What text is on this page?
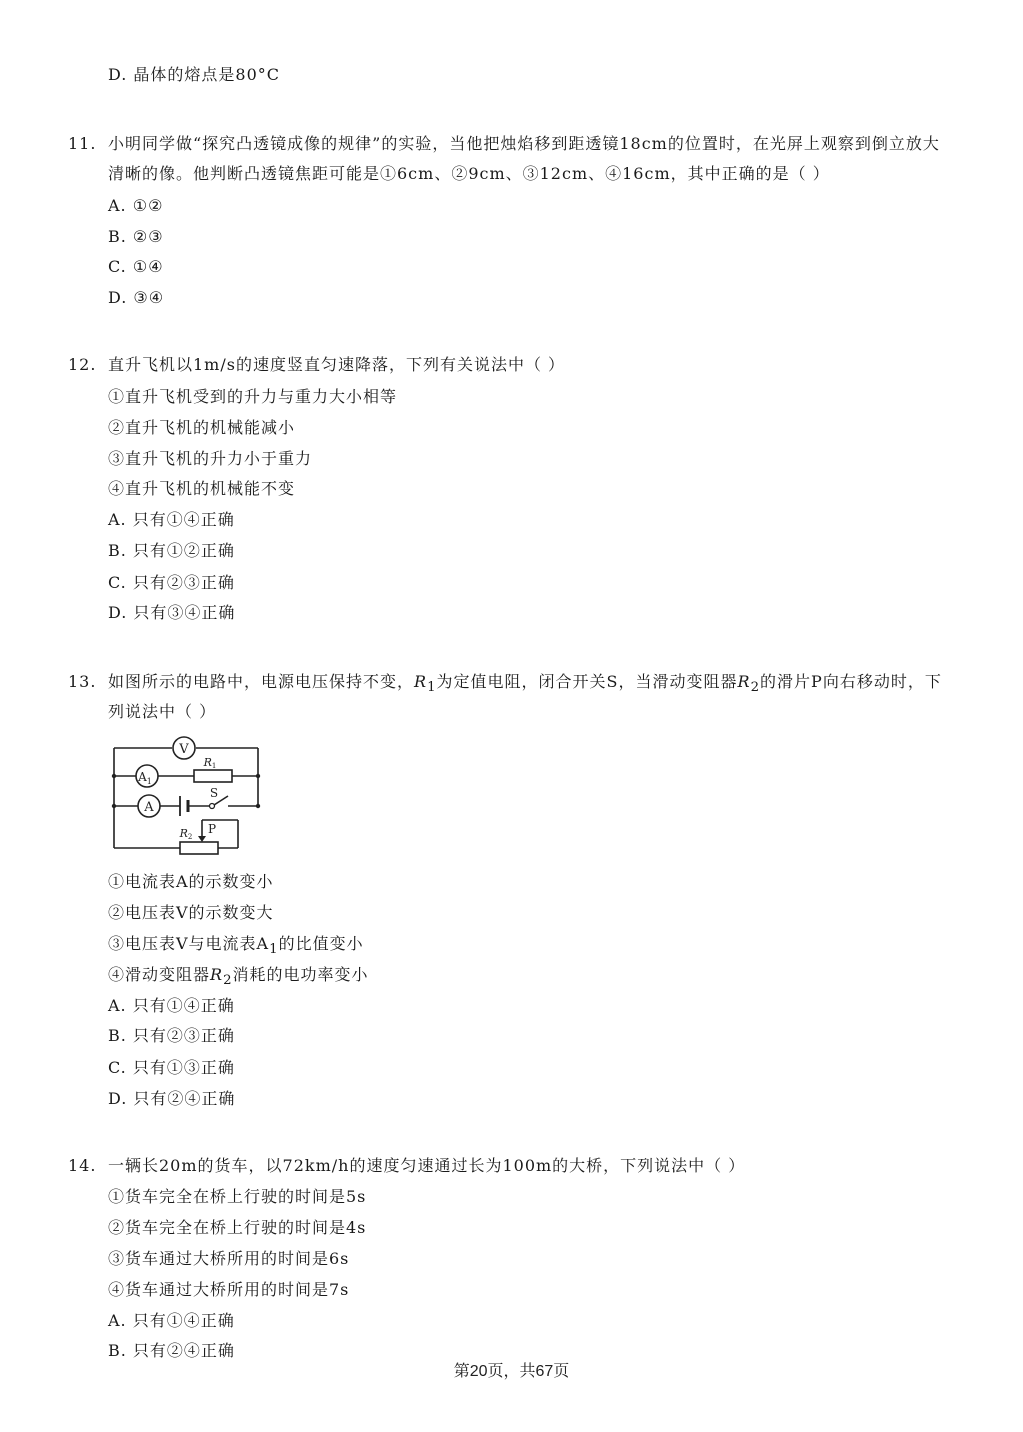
D. 晶体的熔点是80°C
11. 小明同学做“探究凸透镜成像的规律”的实验，当他把烛焰移到距透镜18cm的位置时，在光屏上观察到倒立放大
清晰的像。他判断凸透镜焦距可能是①6cm、②9cm、③12cm、④16cm，其中正确的是（ ）
A. ①②
B. ②③
C. ①④
D. ③④
12. 直升飞机以1m/s的速度竖直匀速降落，下列有关说法中（ ）
①直升飞机受到的升力与重力大小相等
②直升飞机的机械能减小
③直升飞机的升力小于重力
④直升飞机的机械能不变
A. 只有①④正确
B. 只有①②正确
C. 只有②③正确
D. 只有③④正确
13. 如图所示的电路中，电源电压保持不变，$R_1$为定值电阻，闭合开关S，当滑动变阻器$R_2$的滑片P向右移动时，下
列说法中（ ）
V
$A_1$
R1
A
S
R2
P
①电流表A的示数变小
②电压表V的示数变大
③电压表V与电流表$A_1$的比值变小
④滑动变阻器$R_2$消耗的电功率变小
A. 只有①④正确
B. 只有②③正确
C. 只有①③正确
D. 只有②④正确
14. 一辆长20m的货车，以72km/h的速度匀速通过长为100m的大桥，下列说法中（ ）
①货车完全在桥上行驶的时间是5s
②货车完全在桥上行驶的时间是4s
③货车通过大桥所用的时间是6s
④货车通过大桥所用的时间是7s
A. 只有①④正确
B. 只有②④正确
第20页，共67页
